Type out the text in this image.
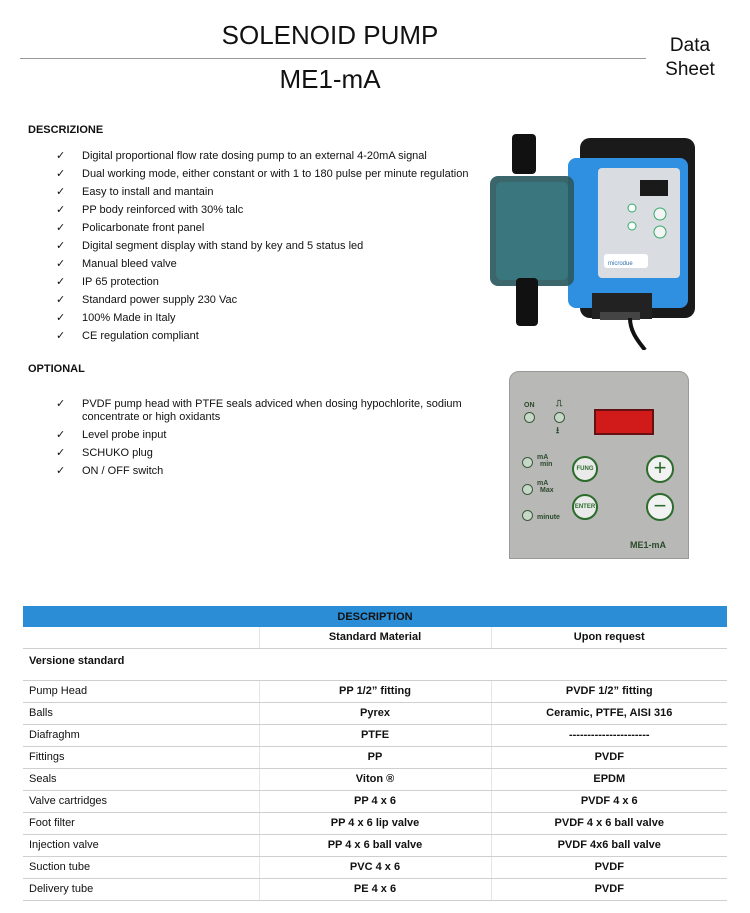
SOLENOID PUMP
ME1-mA
Data
Sheet
DESCRIZIONE
✓ Digital proportional flow rate dosing pump to an external 4-20mA signal
✓ Dual working mode, either constant or with 1 to 180 pulse per minute regulation
✓ Easy to install and mantain
✓ PP body reinforced with 30% talc
✓ Policarbonate front panel
✓ Digital segment display with stand by key and 5 status led
✓ Manual bleed valve
✓ IP 65 protection
✓ Standard power supply 230 Vac
✓ 100% Made in Italy
✓ CE regulation compliant
OPTIONAL
✓ PVDF pump head with PTFE seals adviced when dosing hypochlorite, sodium concentrate or high oxidants
✓ Level probe input
✓ SCHUKO plug
✓ ON / OFF switch
microdue
ON ⎍
⭳
mA
min
mA
Max
minute
FUNG
ENTER
+
−
ME1-mA
DESCRIPTION		
	Standard Material	Upon request
Versione standard		
Pump Head	PP 1/2” fitting	PVDF 1/2” fitting
Balls	Pyrex	Ceramic, PTFE, AISI 316
Diafraghm	PTFE	----------------------
Fittings	PP	PVDF
Seals	Viton ®	EPDM
Valve cartridges	PP 4 x 6	PVDF 4 x 6
Foot filter	PP 4 x 6 lip valve	PVDF 4 x 6 ball valve
Injection valve	PP 4 x 6 ball valve	PVDF 4x6 ball valve
Suction tube	PVC 4 x 6	PVDF
Delivery tube	PE 4 x 6	PVDF
